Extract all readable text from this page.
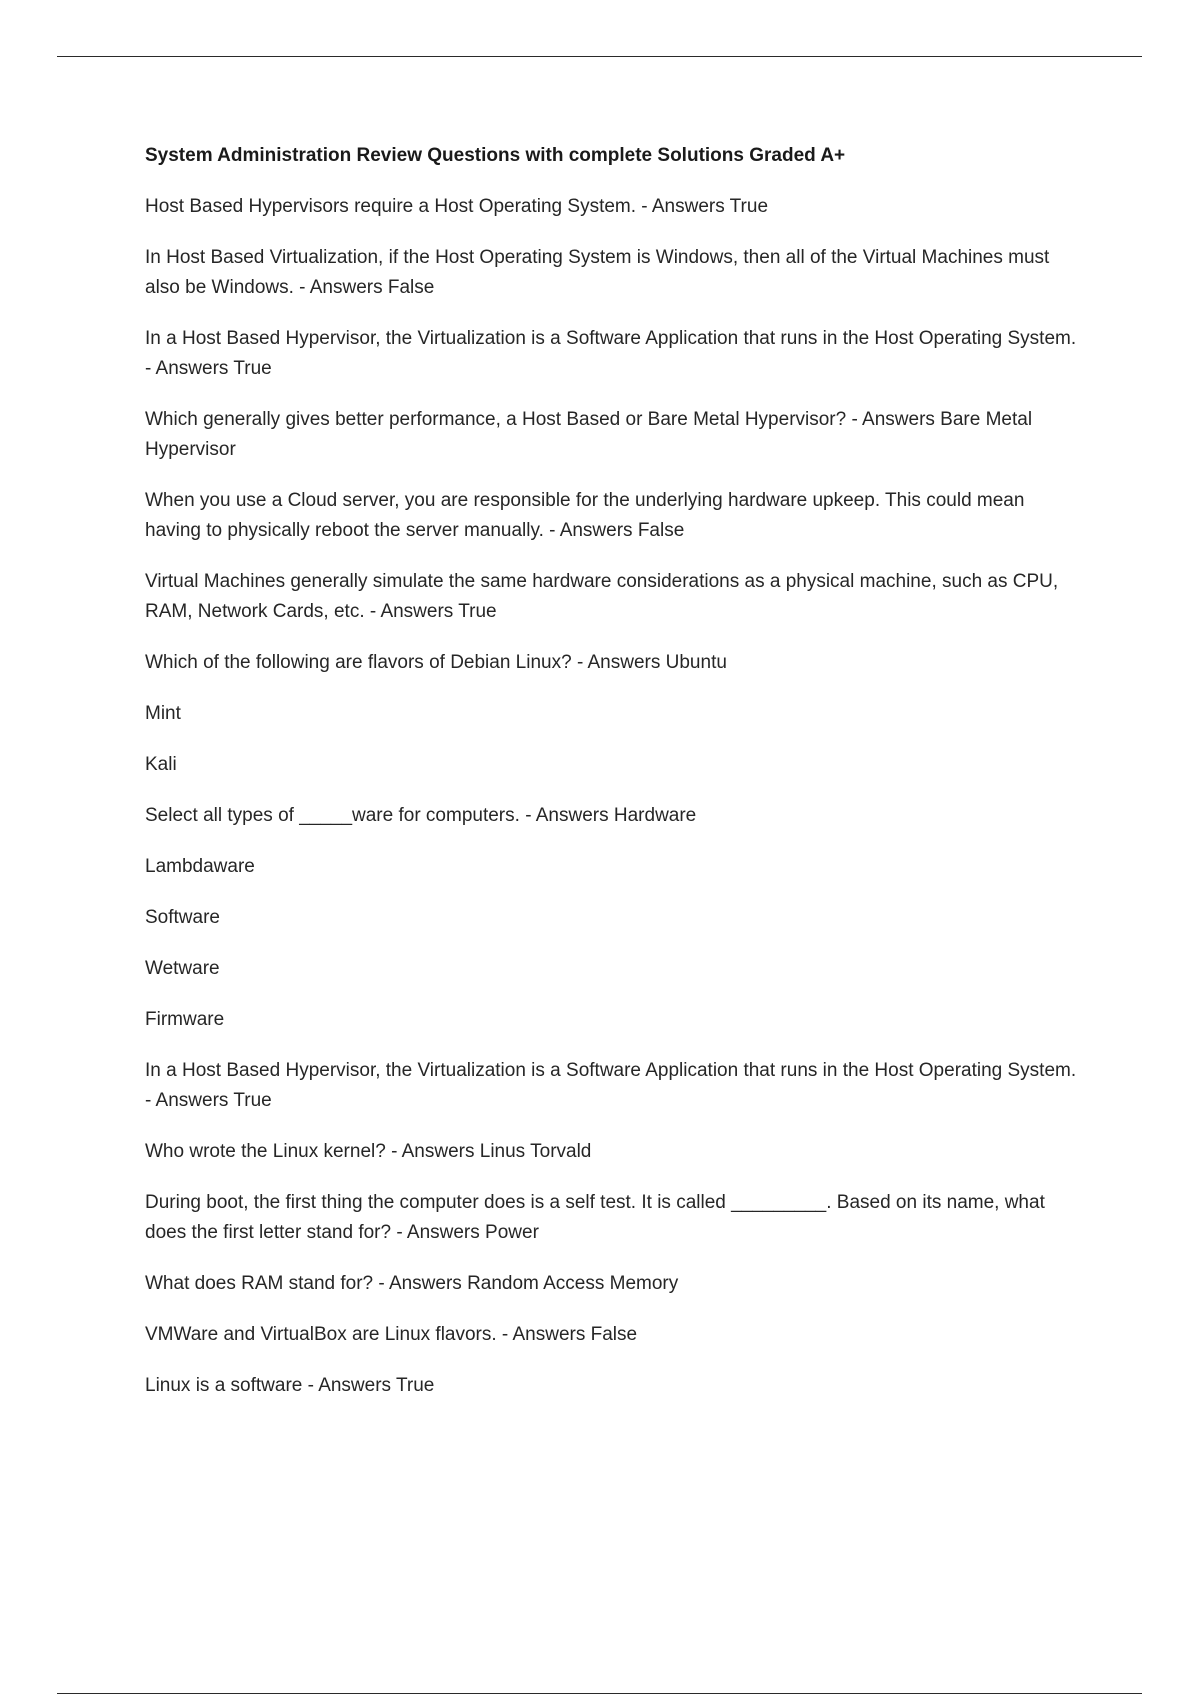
System Administration Review Questions with complete Solutions Graded A+

Host Based Hypervisors require a Host Operating System. - Answers True

In Host Based Virtualization, if the Host Operating System is Windows, then all of the Virtual Machines must also be Windows. - Answers False

In a Host Based Hypervisor, the Virtualization is a Software Application that runs in the Host Operating System. - Answers True

Which generally gives better performance, a Host Based or Bare Metal Hypervisor? - Answers Bare Metal Hypervisor

When you use a Cloud server, you are responsible for the underlying hardware upkeep. This could mean having to physically reboot the server manually. - Answers False

Virtual Machines generally simulate the same hardware considerations as a physical machine, such as CPU, RAM, Network Cards, etc. - Answers True

Which of the following are flavors of Debian Linux? - Answers Ubuntu

Mint

Kali

Select all types of _____ware for computers. - Answers Hardware

Lambdaware

Software

Wetware

Firmware

In a Host Based Hypervisor, the Virtualization is a Software Application that runs in the Host Operating System. - Answers True

Who wrote the Linux kernel? - Answers Linus Torvald

During boot, the first thing the computer does is a self test. It is called _________. Based on its name, what does the first letter stand for? - Answers Power

What does RAM stand for? - Answers Random Access Memory

VMWare and VirtualBox are Linux flavors. - Answers False

Linux is a software - Answers True
